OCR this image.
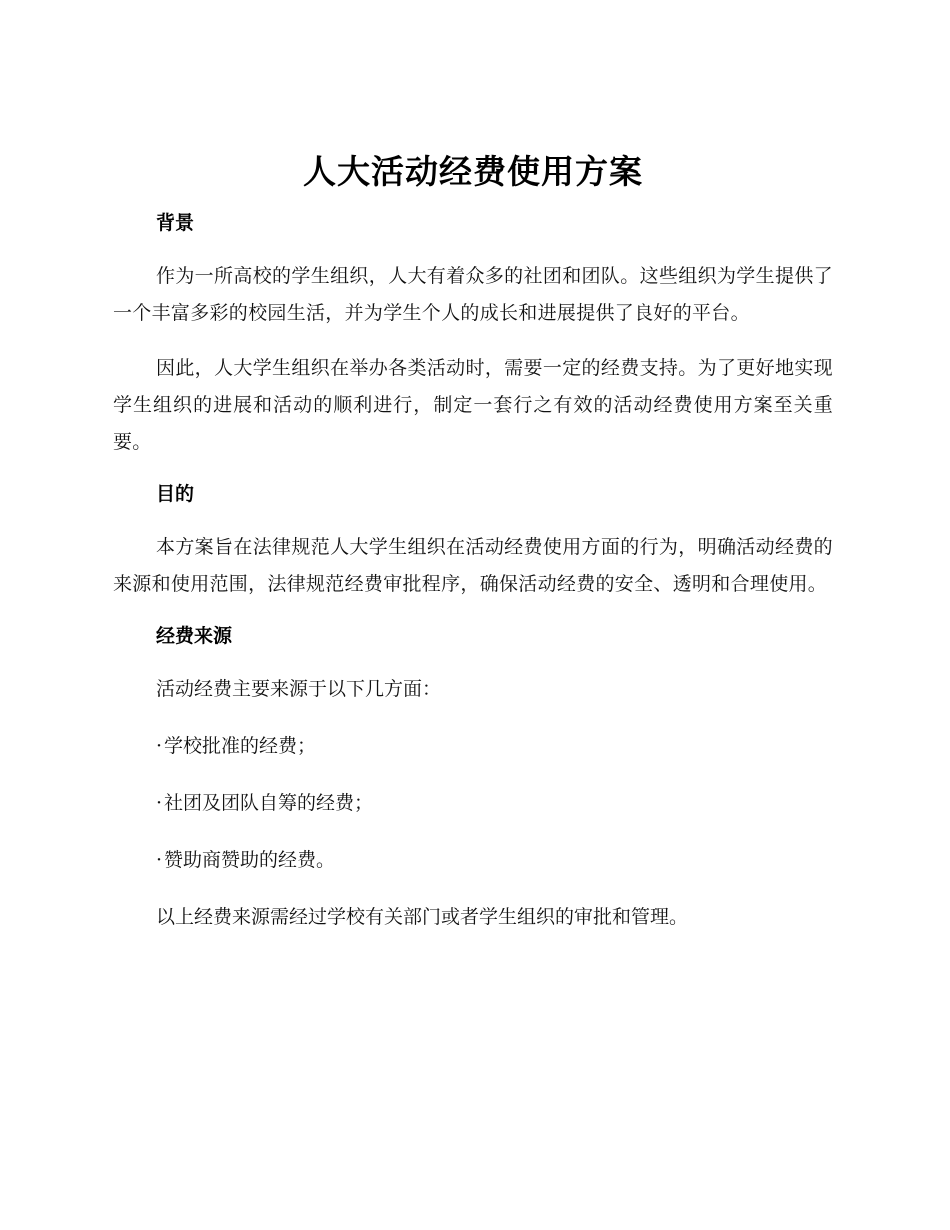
人大活动经费使用方案
背景

作为一所高校的学生组织，人大有着众多的社团和团队。这些组织为学生提供了一个丰富多彩的校园生活，并为学生个人的成长和进展提供了良好的平台。

因此，人大学生组织在举办各类活动时，需要一定的经费支持。为了更好地实现学生组织的进展和活动的顺利进行，制定一套行之有效的活动经费使用方案至关重要。

目的

本方案旨在法律规范人大学生组织在活动经费使用方面的行为，明确活动经费的来源和使用范围，法律规范经费审批程序，确保活动经费的安全、透明和合理使用。

经费来源

活动经费主要来源于以下几方面：

· 学校批准的经费；
· 社团及团队自筹的经费；
· 赞助商赞助的经费。

以上经费来源需经过学校有关部门或者学生组织的审批和管理。
